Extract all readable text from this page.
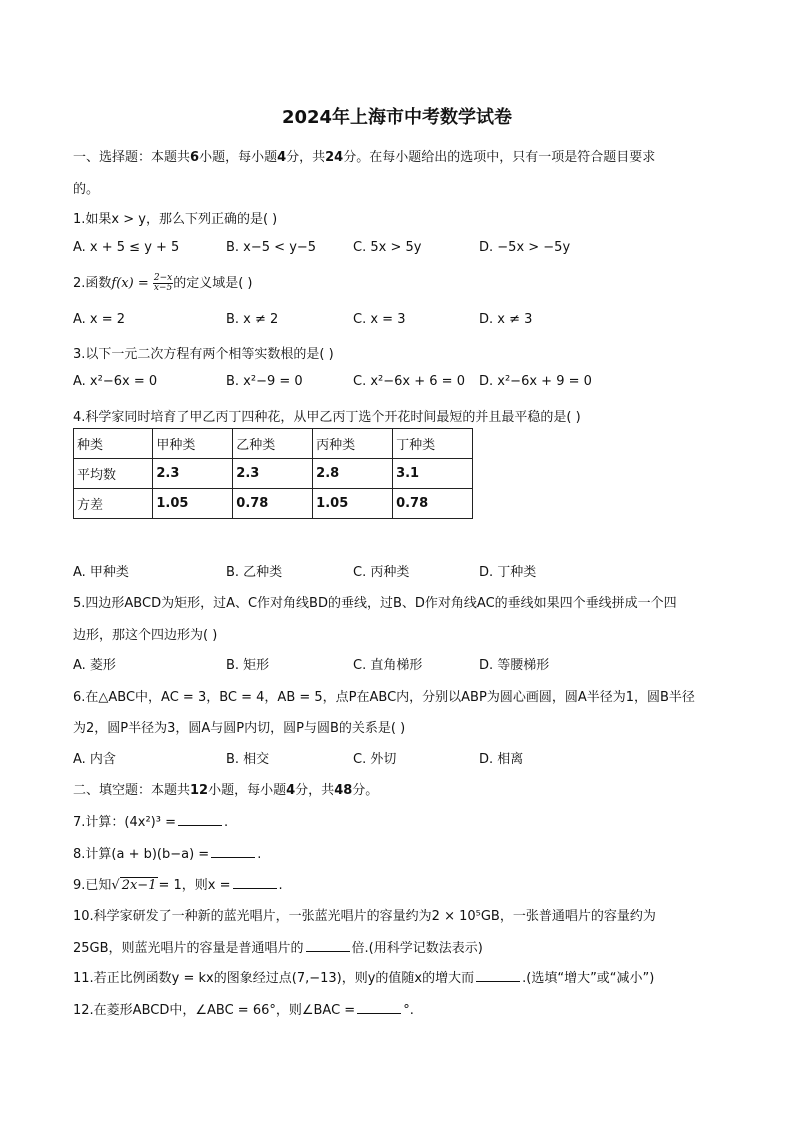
2024年上海市中考数学试卷
一、选择题：本题共6小题，每小题4分，共24分。在每小题给出的选项中，只有一项是符合题目要求
的。
1.如果x > y，那么下列正确的是( )
A. x + 5 ≤ y + 5	B. x−5 < y−5	C. 5x > 5y	D. −5x > −5y
2.函数$f(x) = \frac{2-x}{x-5}$ 的定义域是( )
A. x = 2	B. x ≠ 2	C. x = 3	D. x ≠ 3
3.以下一元二次方程有两个相等实数根的是( )
A. x²−6x = 0	B. x²−9 = 0	C. x²−6x + 6 = 0 D. x²−6x + 9 = 0
4.科学家同时培育了甲乙丙丁四种花，从甲乙丙丁选个开花时间最短的并且最平稳的是( )
种类	甲种类	乙种类	丙种类	丁种类
平均数	2.3	2.3	2.8	3.1
方差	1.05	0.78	1.05	0.78
A. 甲种类	B. 乙种类	C. 丙种类	D. 丁种类
5.四边形ABCD为矩形，过A、C作对角线BD的垂线，过B、D作对角线AC的垂线如果四个垂线拼成一个四
边形，那这个四边形为( )
A. 菱形	B. 矩形	C. 直角梯形	D. 等腰梯形
6.在△ABC中，AC = 3，BC = 4，AB = 5，点P在ABC内，分别以ABP为圆心画圆，圆A半径为1，圆B半径
为2，圆P半径为3，圆A与圆P内切，圆P与圆B的关系是( )
A. 内含	B. 相交	C. 外切	D. 相离
二、填空题：本题共12小题，每小题4分，共48分。
7.计算：(4x²)³ =	.
8.计算(a + b)(b−a) =	.
9.已知√ 2x−1 = 1，则x =	.
10.科学家研发了一种新的蓝光唱片，一张蓝光唱片的容量约为2 × 10⁵GB，一张普通唱片的容量约为
25GB，则蓝光唱片的容量是普通唱片的	倍.(用科学记数法表示)
11.若正比例函数y = kx的图象经过点(7,−13)，则y的值随x的增大而	.(选填“增大”或“减小”)
12.在菱形ABCD中，∠ABC = 66°，则∠BAC =	°.
